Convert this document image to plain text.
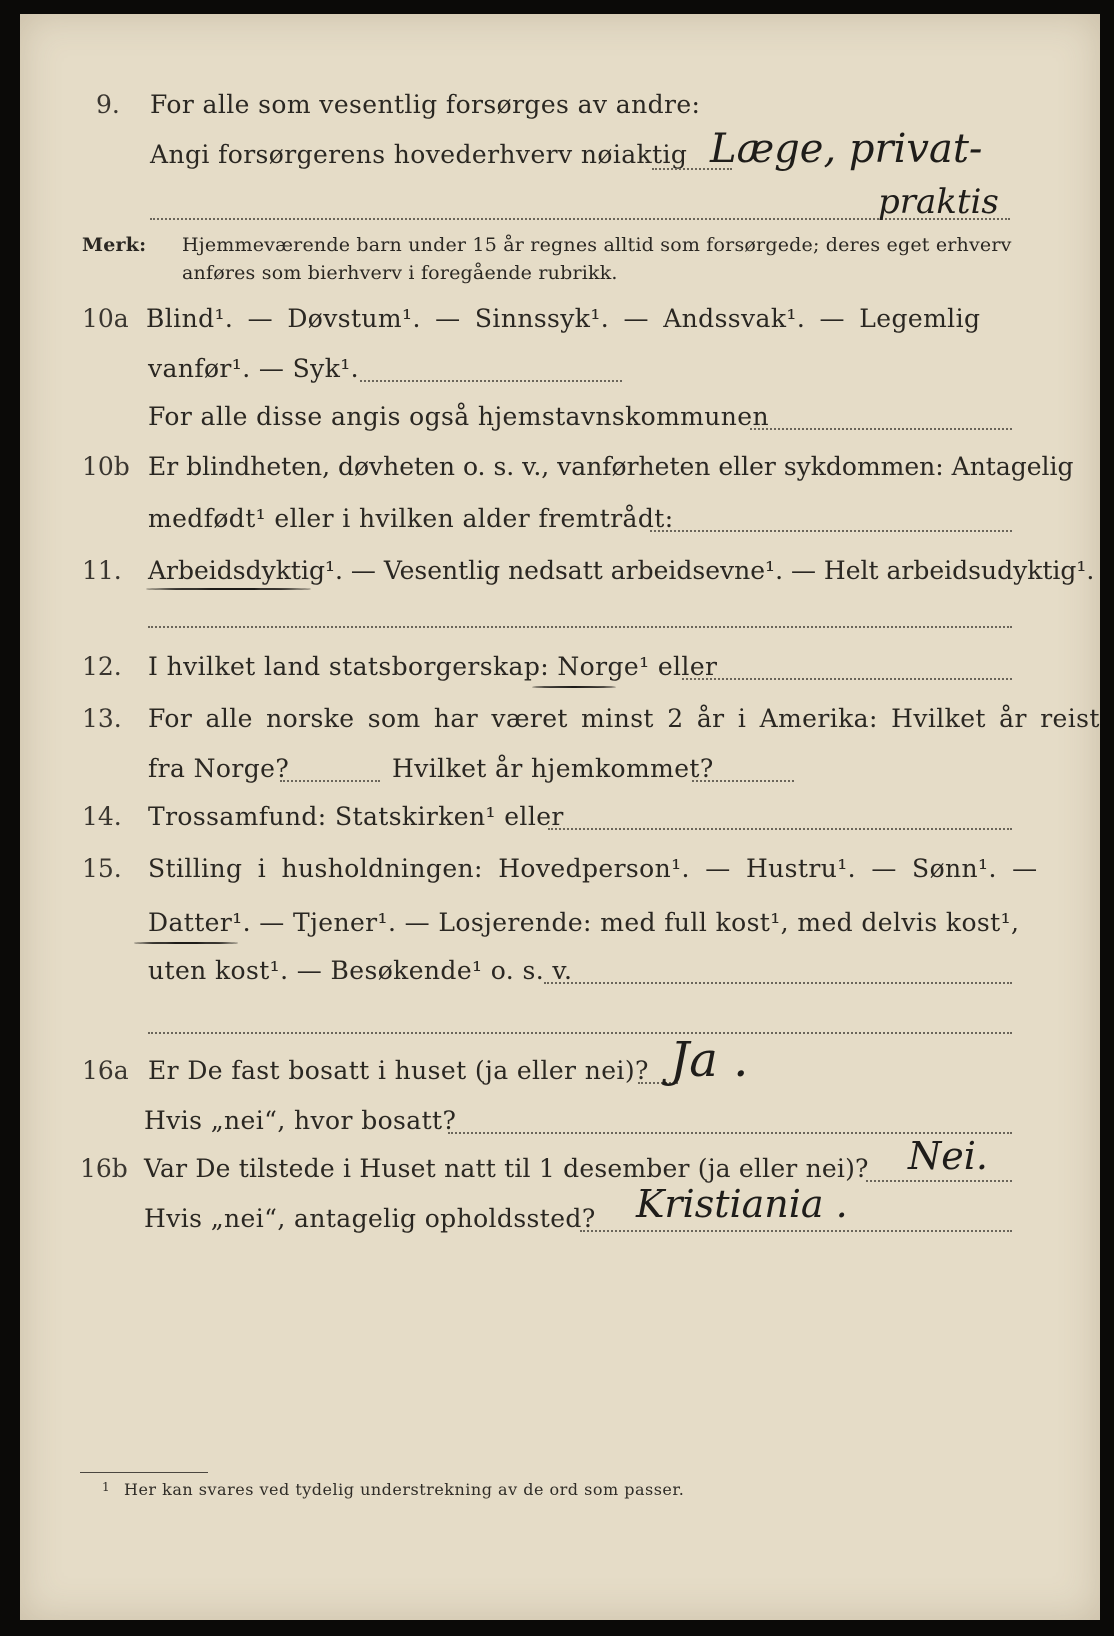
9. For alle som vesentlig forsørges av andre:
Angi forsørgerens hovederhverv nøiaktig Læge, privat-
praktis
Merk: Hjemmeværende barn under 15 år regnes alltid som forsørgede; deres eget erhverv
anføres som bierhverv i foregående rubrikk.
10a Blind¹. — Døvstum¹. — Sinnssyk¹. — Andssvak¹. — Legemlig
vanfør¹. — Syk¹.
For alle disse angis også hjemstavnskommunen
10b Er blindheten, døvheten o. s. v., vanførheten eller sykdommen: Antagelig
medfødt¹ eller i hvilken alder fremtrådt:
11. Arbeidsdyktig¹. — Vesentlig nedsatt arbeidsevne¹. — Helt arbeidsudyktig¹.
12. I hvilket land statsborgerskap: Norge¹ eller
13. For alle norske som har været minst 2 år i Amerika: Hvilket år reist
fra Norge?	Hvilket år hjemkommet?
14. Trossamfund: Statskirken¹ eller
15. Stilling i husholdningen: Hovedperson¹. — Hustru¹. — Sønn¹. —
Datter¹. — Tjener¹. — Losjerende: med full kost¹, med delvis kost¹,
uten kost¹. — Besøkende¹ o. s. v.
16a Er De fast bosatt i huset (ja eller nei)? Ja .
Hvis „nei“, hvor bosatt?
16b Var De tilstede i Huset natt til 1 desember (ja eller nei)? Nei.
Hvis „nei“, antagelig opholdssted? Kristiania .
1 Her kan svares ved tydelig understrekning av de ord som passer.
